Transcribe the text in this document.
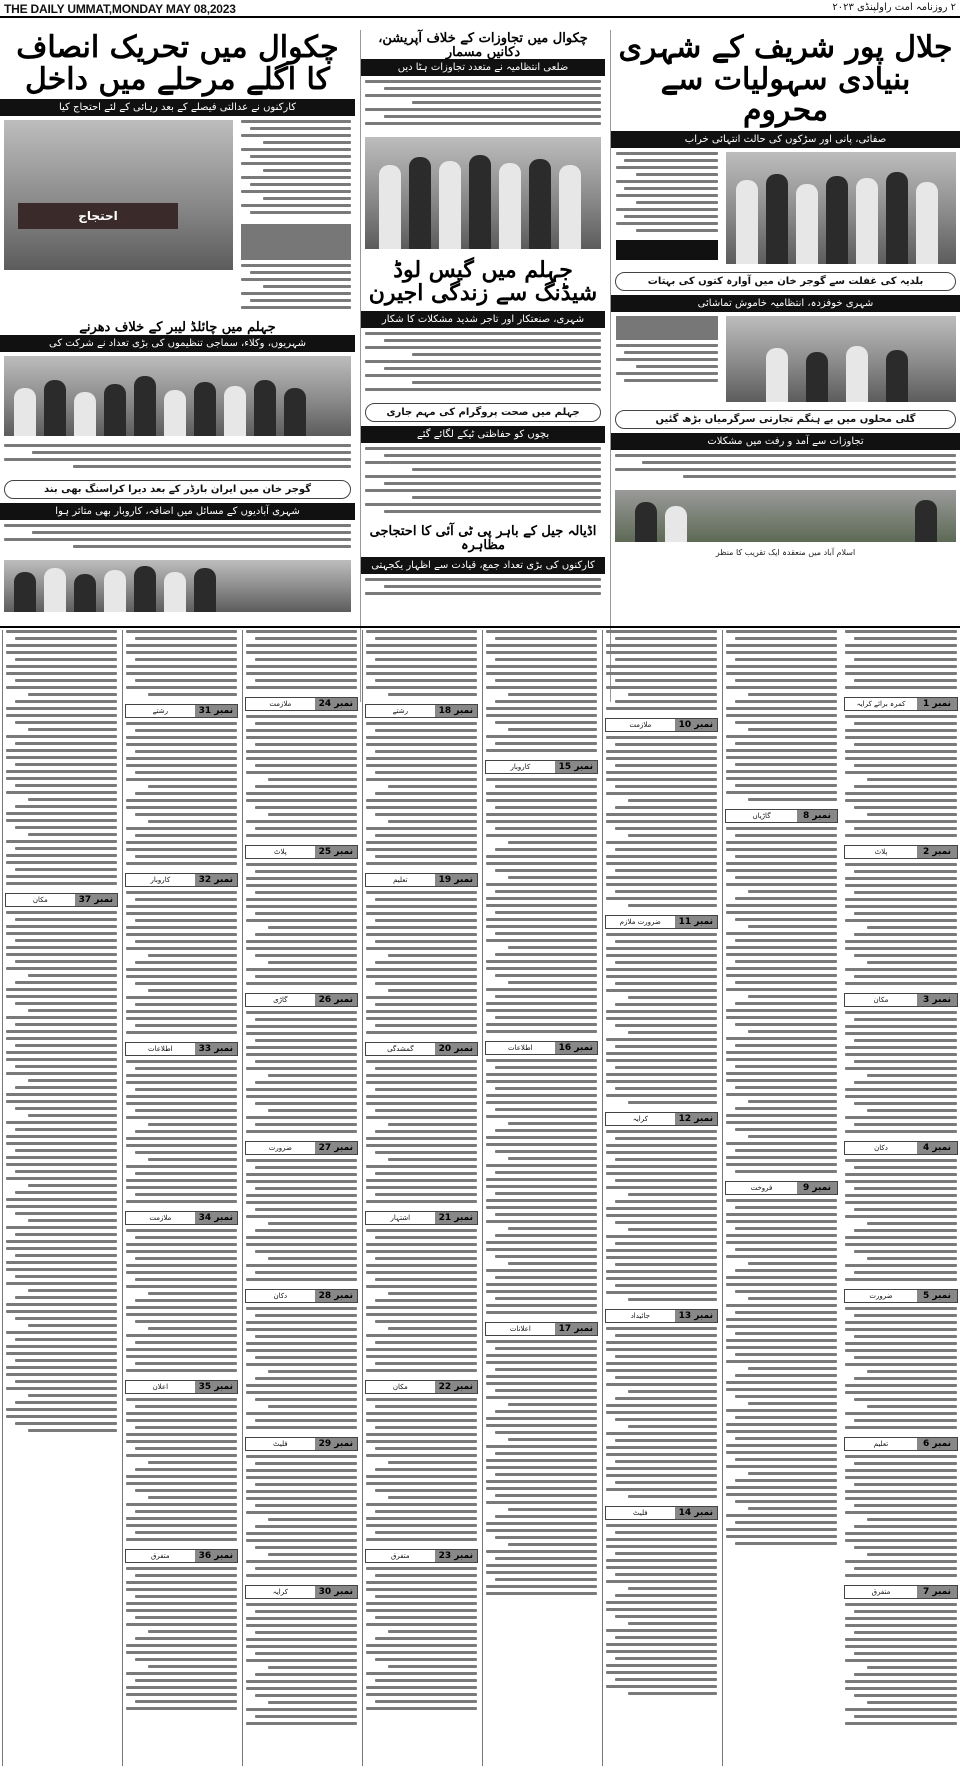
THE DAILY UMMAT,MONDAY MAY 08,2023	۲ روزنامہ امت راولپنڈی ۲۰۲۳
چکوال میں تحریک انصاف کا اگلے مرحلے میں داخل
کارکنوں نے عدالتی فیصلے کے بعد رہائی کے لئے احتجاج کیا
احتجاج
جہلم میں چائلڈ لیبر کے خلاف دھرنے
شہریوں، وکلاء، سماجی تنظیموں کی بڑی تعداد نے شرکت کی
گوجر خان میں ایران بارڈر کے بعد دیرا کراسنگ بھی بند
شہری آبادیوں کے مسائل میں اضافہ، کاروبار بھی متاثر ہوا
چکوال میں تجاوزات کے خلاف آپریشن، دکانیں مسمار
ضلعی انتظامیہ نے متعدد تجاوزات ہٹا دیں
جہلم میں گیس لوڈ شیڈنگ سے زندگی اجیرن
شہری، صنعتکار اور تاجر شدید مشکلات کا شکار
جہلم میں صحت پروگرام کی مہم جاری
بچوں کو حفاظتی ٹیکے لگائے گئے
اڈیالہ جیل کے باہر پی ٹی آئی کا احتجاجی مظاہرہ
کارکنوں کی بڑی تعداد جمع، قیادت سے اظہار یکجہتی
جلال پور شریف کے شہری بنیادی سہولیات سے محروم
صفائی، پانی اور سڑکوں کی حالت انتہائی خراب
بلدیہ کی غفلت سے گوجر خان میں آوارہ کتوں کی بہتات
شہری خوفزدہ، انتظامیہ خاموش تماشائی
گلی محلوں میں بے ہنگم تجارتی سرگرمیاں بڑھ گئیں
تجاوزات سے آمد و رفت میں مشکلات
اسلام آباد میں منعقدہ ایک تقریب کا منظر
نمبر 1
کمرہ برائے کرایہ
نمبر 2
پلاٹ
نمبر 3
مکان
نمبر 4
دکان
نمبر 5
ضرورت
نمبر 6
تعلیم
نمبر 7
متفرق
نمبر 8
گاڑیاں
نمبر 9
فروخت
نمبر 10
ملازمت
نمبر 11
ضرورت ملازم
نمبر 12
کرایہ
نمبر 13
جائیداد
نمبر 14
فلیٹ
نمبر 15
کاروبار
نمبر 16
اطلاعات
نمبر 17
اعلانات
نمبر 18
رشتے
نمبر 19
تعلیم
نمبر 20
گمشدگی
نمبر 21
اشتہار
نمبر 22
مکان
نمبر 23
متفرق
نمبر 24
ملازمت
نمبر 25
پلاٹ
نمبر 26
گاڑی
نمبر 27
ضرورت
نمبر 28
دکان
نمبر 29
فلیٹ
نمبر 30
کرایہ
نمبر 31
رشتے
نمبر 32
کاروبار
نمبر 33
اطلاعات
نمبر 34
ملازمت
نمبر 35
اعلان
نمبر 36
متفرق
نمبر 37
مکان
